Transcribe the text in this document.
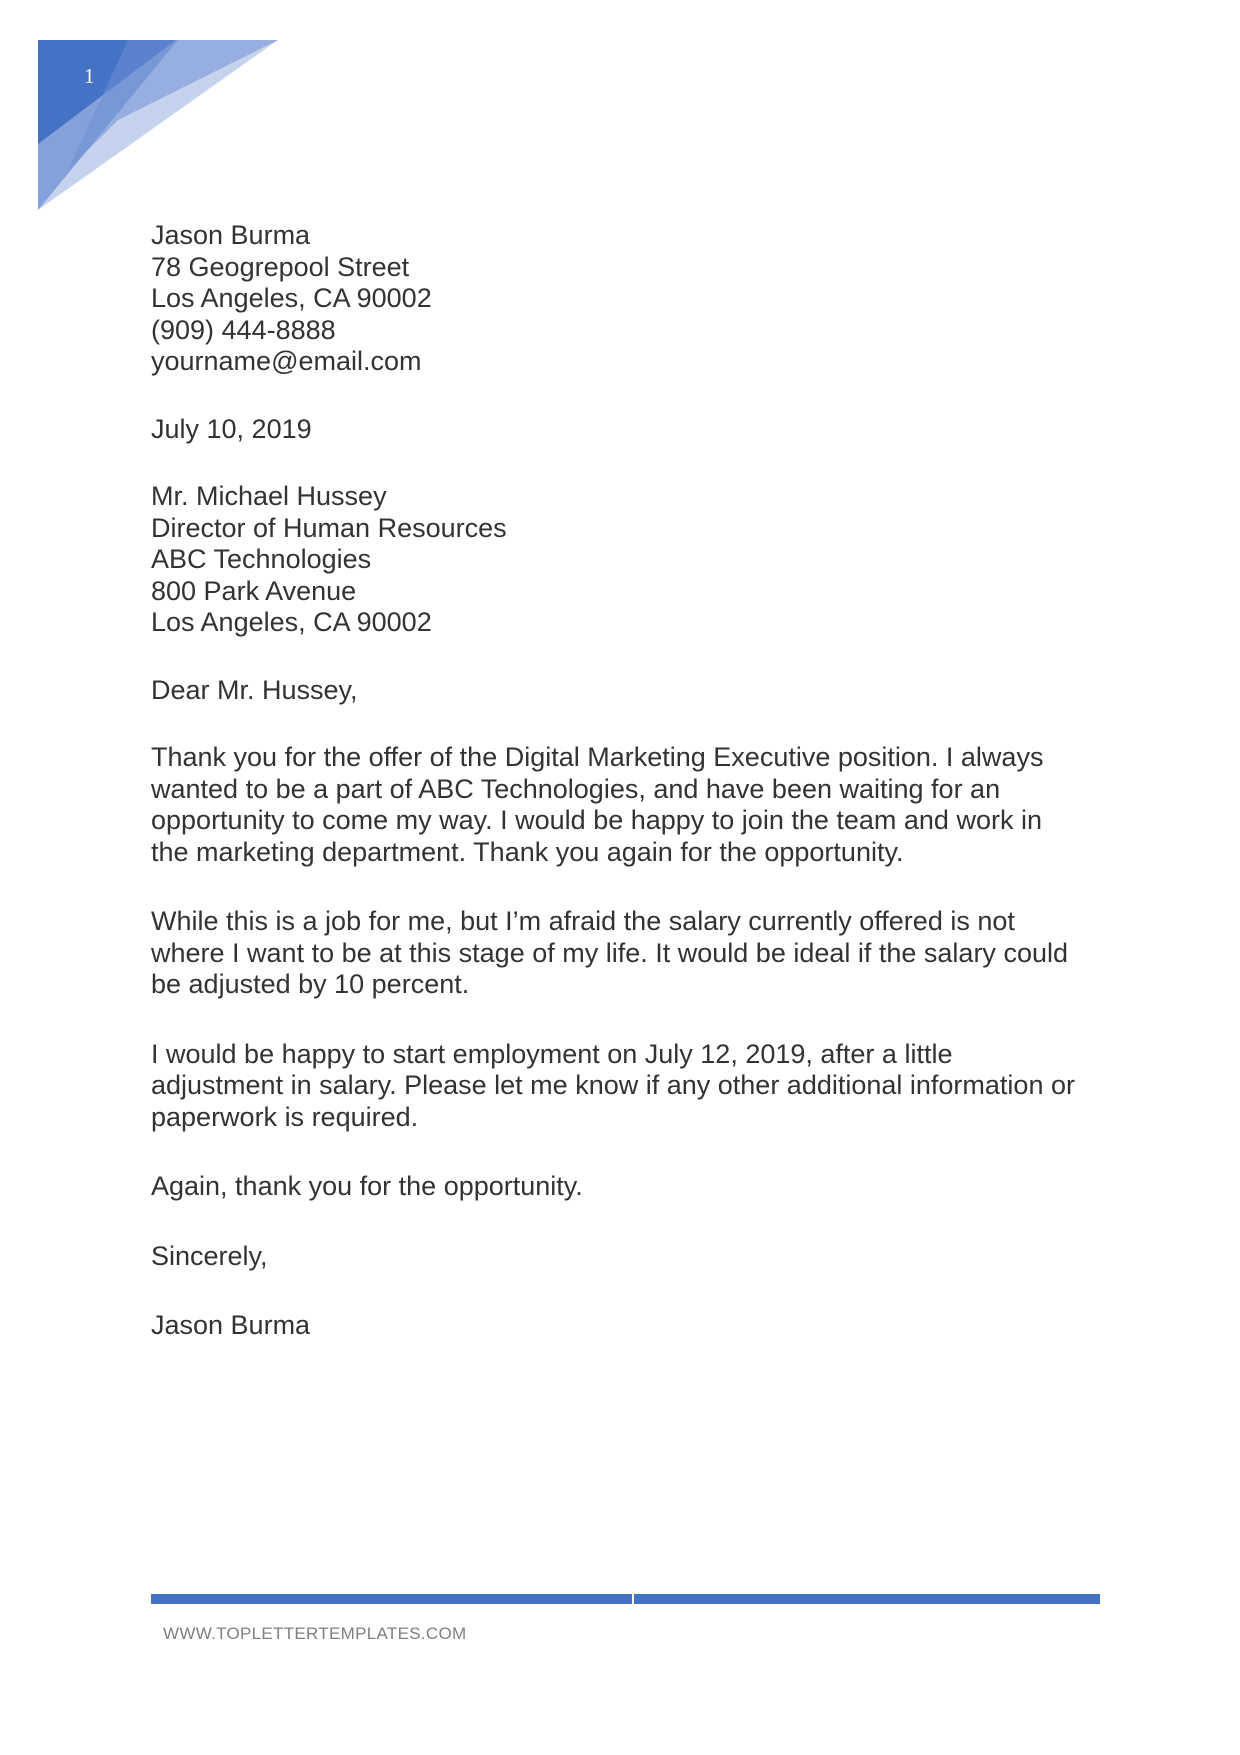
1
Jason Burma
78 Geogrepool Street
Los Angeles, CA 90002
(909) 444-8888
yourname@email.com
July 10, 2019
Mr. Michael Hussey
Director of Human Resources
ABC Technologies
800 Park Avenue
Los Angeles, CA 90002
Dear Mr. Hussey,
Thank you for the offer of the Digital Marketing Executive position. I always
wanted to be a part of ABC Technologies, and have been waiting for an
opportunity to come my way. I would be happy to join the team and work in
the marketing department. Thank you again for the opportunity.
While this is a job for me, but I’m afraid the salary currently offered is not
where I want to be at this stage of my life. It would be ideal if the salary could
be adjusted by 10 percent.
I would be happy to start employment on July 12, 2019, after a little
adjustment in salary. Please let me know if any other additional information or
paperwork is required.
Again, thank you for the opportunity.
Sincerely,
Jason Burma
WWW.TOPLETTERTEMPLATES.COM
